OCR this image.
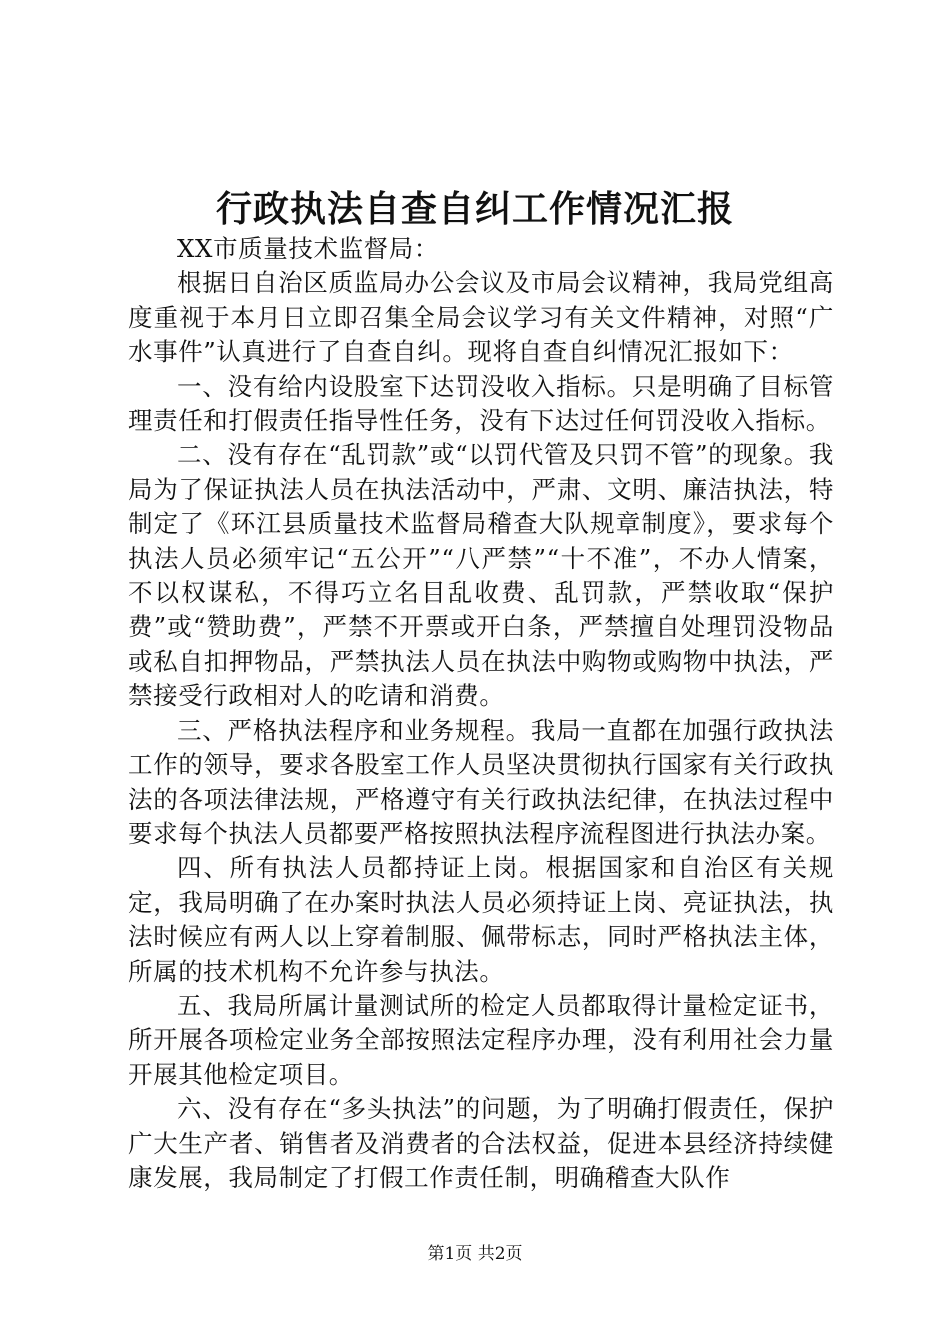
行政执法自查自纠工作情况汇报

XX市质量技术监督局：

根据日自治区质监局办公会议及市局会议精神，我局党组高度重视于本月日立即召集全局会议学习有关文件精神，对照“广水事件”认真进行了自查自纠。现将自查自纠情况汇报如下：

一、没有给内设股室下达罚没收入指标。只是明确了目标管理责任和打假责任指导性任务，没有下达过任何罚没收入指标。

二、没有存在“乱罚款”或“以罚代管及只罚不管”的现象。我局为了保证执法人员在执法活动中，严肃、文明、廉洁执法，特制定了《环江县质量技术监督局稽查大队规章制度》，要求每个执法人员必须牢记“五公开”“八严禁”“十不准”，不办人情案，不以权谋私，不得巧立名目乱收费、乱罚款，严禁收取“保护费”或“赞助费”，严禁不开票或开白条，严禁擅自处理罚没物品或私自扣押物品，严禁执法人员在执法中购物或购物中执法，严禁接受行政相对人的吃请和消费。

三、严格执法程序和业务规程。我局一直都在加强行政执法工作的领导，要求各股室工作人员坚决贯彻执行国家有关行政执法的各项法律法规，严格遵守有关行政执法纪律，在执法过程中要求每个执法人员都要严格按照执法程序流程图进行执法办案。

四、所有执法人员都持证上岗。根据国家和自治区有关规定，我局明确了在办案时执法人员必须持证上岗、亮证执法，执法时候应有两人以上穿着制服、佩带标志，同时严格执法主体，所属的技术机构不允许参与执法。

五、我局所属计量测试所的检定人员都取得计量检定证书，所开展各项检定业务全部按照法定程序办理，没有利用社会力量开展其他检定项目。

六、没有存在“多头执法”的问题，为了明确打假责任，保护广大生产者、销售者及消费者的合法权益，促进本县经济持续健康发展，我局制定了打假工作责任制，明确稽查大队作

第1页 共2页
